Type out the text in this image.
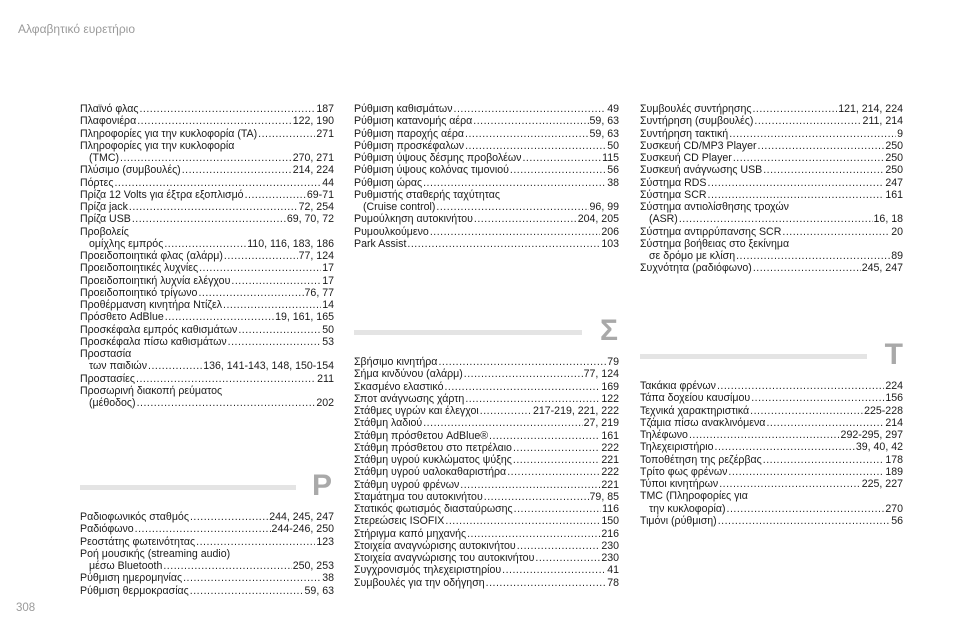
Αλφαβητικό ευρετήριο
Πλαϊνό φλας .....	187
Πλαφονιέρα .....	122, 190
Πληροφορίες για την κυκλοφορία (TA) .....	271
Πληροφορίες για την κυκλοφορία
(TMC) .....	270, 271
Πλύσιμο (συμβουλές) .....	214, 224
Πόρτες .....	44
Πρίζα 12 Volts για έξτρα εξοπλισμό .....	69-71
Πρίζα jack .....	72, 254
Πρίζα USB .....	69, 70, 72
Προβολείς
ομίχλης εμπρός .....	110, 116, 183, 186
Προειδοποιητικά φλας (αλάρμ) .....	77, 124
Προειδοποιητικές λυχνίες .....	17
Προειδοποιητική λυχνία ελέγχου .....	17
Προειδοποιητικό τρίγωνο .....	76, 77
Προθέρμανση κινητήρα Ντίζελ .....	14
Πρόσθετο AdBlue .....	19, 161, 165
Προσκέφαλα εμπρός καθισμάτων .....	50
Προσκέφαλα πίσω καθισμάτων .....	53
Προστασία
των παιδιών .....	136, 141-143, 148, 150-154
Προστασίες .....	211
Προσωρινή διακοπή ρεύματος
(μέθοδος) .....	202
P
Ραδιοφωνικός σταθμός .....	244, 245, 247
Ραδιόφωνο .....	244-246, 250
Ρεοστάτης φωτεινότητας .....	123
Ροή μουσικής (streaming audio)
μέσω Bluetooth .....	250, 253
Ρύθμιση ημερομηνίας .....	38
Ρύθμιση θερμοκρασίας .....	59, 63
Ρύθμιση καθισμάτων .....	49
Ρύθμιση κατανομής αέρα .....	59, 63
Ρύθμιση παροχής αέρα .....	59, 63
Ρύθμιση προσκέφαλων .....	50
Ρύθμιση ύψους δέσμης προβολέων .....	115
Ρύθμιση ύψους κολόνας τιμονιού .....	56
Ρύθμιση ώρας .....	38
Ρυθμιστής σταθερής ταχύτητας
(Cruise control) .....	96, 99
Ρυμούλκηση αυτοκινήτου .....	204, 205
Ρυμουλκούμενο .....	206
Park Assist .....	103
Σ
Σβήσιμο κινητήρα .....	79
Σήμα κινδύνου (αλάρμ) .....	77, 124
Σκασμένο ελαστικό .....	169
Σποτ ανάγνωσης χάρτη .....	122
Στάθμες υγρών και έλεγχοι .....	217-219, 221, 222
Στάθμη λαδιού .....	27, 219
Στάθμη πρόσθετου AdBlue® .....	161
Στάθμη πρόσθετου στο πετρέλαιο .....	222
Στάθμη υγρού κυκλώματος ψύξης .....	221
Στάθμη υγρού υαλοκαθαριστήρα .....	222
Στάθμη υγρού φρένων .....	221
Σταμάτημα του αυτοκινήτου .....	79, 85
Στατικός φωτισμός διασταύρωσης .....	116
Στερεώσεις ISOFIX .....	150
Στήριγμα καπό μηχανής .....	216
Στοιχεία αναγνώρισης αυτοκινήτου .....	230
Στοιχεία αναγνώρισης του αυτοκινήτου .....	230
Συγχρονισμός τηλεχειριστηρίου .....	41
Συμβουλές για την οδήγηση .....	78
Συμβουλές συντήρησης .....	121, 214, 224
Συντήρηση (συμβουλές) .....	211, 214
Συντήρηση τακτική .....	9
Συσκευή CD/MP3 Player .....	250
Συσκευή CD Player .....	250
Συσκευή ανάγνωσης USB .....	250
Σύστημα RDS .....	247
Σύστημα SCR .....	161
Σύστημα αντιολίσθησης τροχών
(ASR) .....	16, 18
Σύστημα αντιρρύπανσης SCR .....	20
Σύστημα βοήθειας στο ξεκίνημα
σε δρόμο με κλίση .....	89
Συχνότητα (ραδιόφωνο) .....	245, 247
T
Τακάκια φρένων .....	224
Τάπα δοχείου καυσίμου .....	156
Τεχνικά χαρακτηριστικά .....	225-228
Τζάμια πίσω ανακλινόμενα .....	214
Τηλέφωνο .....	292-295, 297
Τηλεχειριστήριο .....	39, 40, 42
Τοποθέτηση της ρεζέρβας .....	178
Τρίτο φως φρένων .....	189
Τύποι κινητήρων .....	225, 227
TMC (Πληροφορίες για
την κυκλοφορία) .....	270
Τιμόνι (ρύθμιση) .....	56
308
